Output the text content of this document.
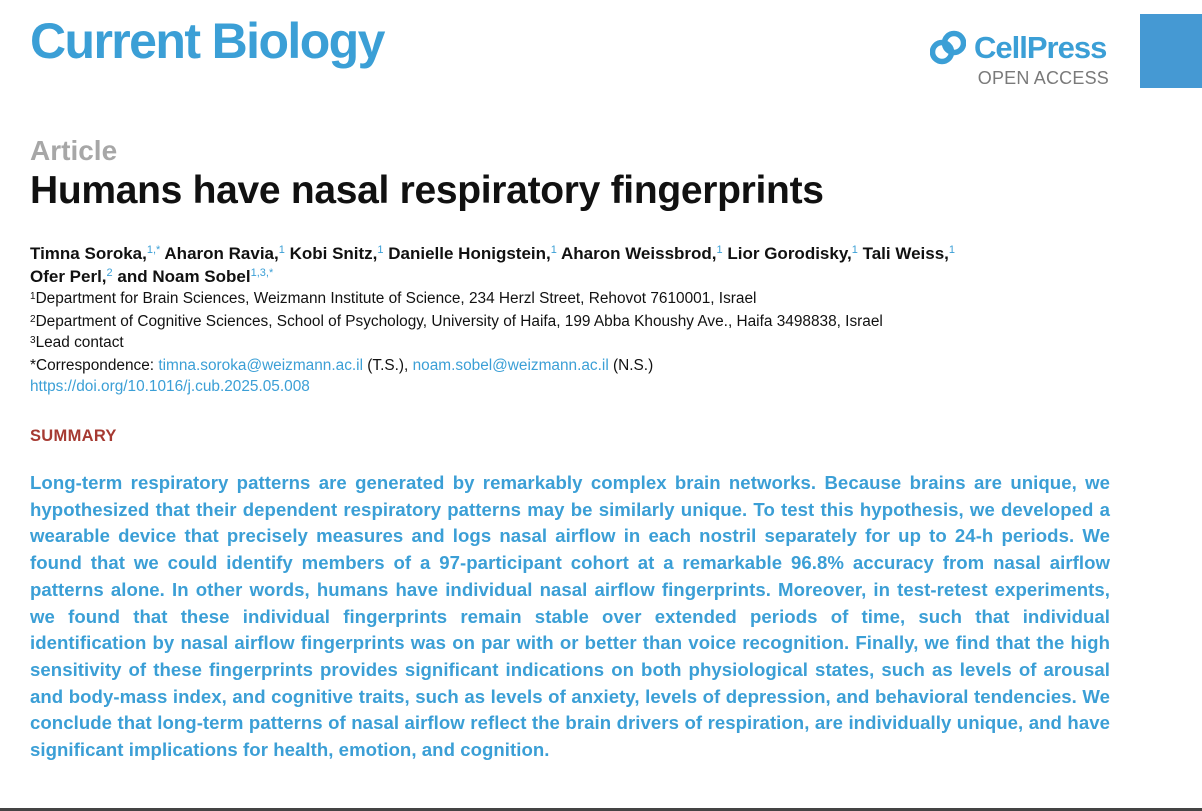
Current Biology	CellPress
OPEN ACCESS
Article
Humans have nasal respiratory fingerprints
Timna Soroka,$^{1,*}$ Aharon Ravia,$^1$ Kobi Snitz,$^1$ Danielle Honigstein,$^1$ Aharon Weissbrod,$^1$ Lior Gorodisky,$^1$ Tali Weiss,$^1$
Ofer Perl,$^2$ and Noam Sobel$^{1,3,*}$
$^1$Department for Brain Sciences, Weizmann Institute of Science, 234 Herzl Street, Rehovot 7610001, Israel
$^2$Department of Cognitive Sciences, School of Psychology, University of Haifa, 199 Abba Khoushy Ave., Haifa 3498838, Israel
$^3$Lead contact
*Correspondence: timna.soroka@weizmann.ac.il (T.S.), noam.sobel@weizmann.ac.il (N.S.)
https://doi.org/10.1016/j.cub.2025.05.008
SUMMARY

Long-term respiratory patterns are generated by remarkably complex brain networks. Because brains are unique, we hypothesized that their dependent respiratory patterns may be similarly unique. To test this hypothesis, we developed a wearable device that precisely measures and logs nasal airflow in each nostril separately for up to 24-h periods. We found that we could identify members of a 97-participant cohort at a remarkable 96.8% accuracy from nasal airflow patterns alone. In other words, humans have individual nasal airflow fingerprints. Moreover, in test-retest experiments, we found that these individual fingerprints remain stable over extended periods of time, such that individual identification by nasal airflow fingerprints was on par with or better than voice recognition. Finally, we find that the high sensitivity of these fingerprints provides significant indications on both physiological states, such as levels of arousal and body-mass index, and cognitive traits, such as levels of anxiety, levels of depression, and behavioral tendencies. We conclude that long-term patterns of nasal airflow reflect the brain drivers of respiration, are individually unique, and have significant implications for health, emotion, and cognition.
